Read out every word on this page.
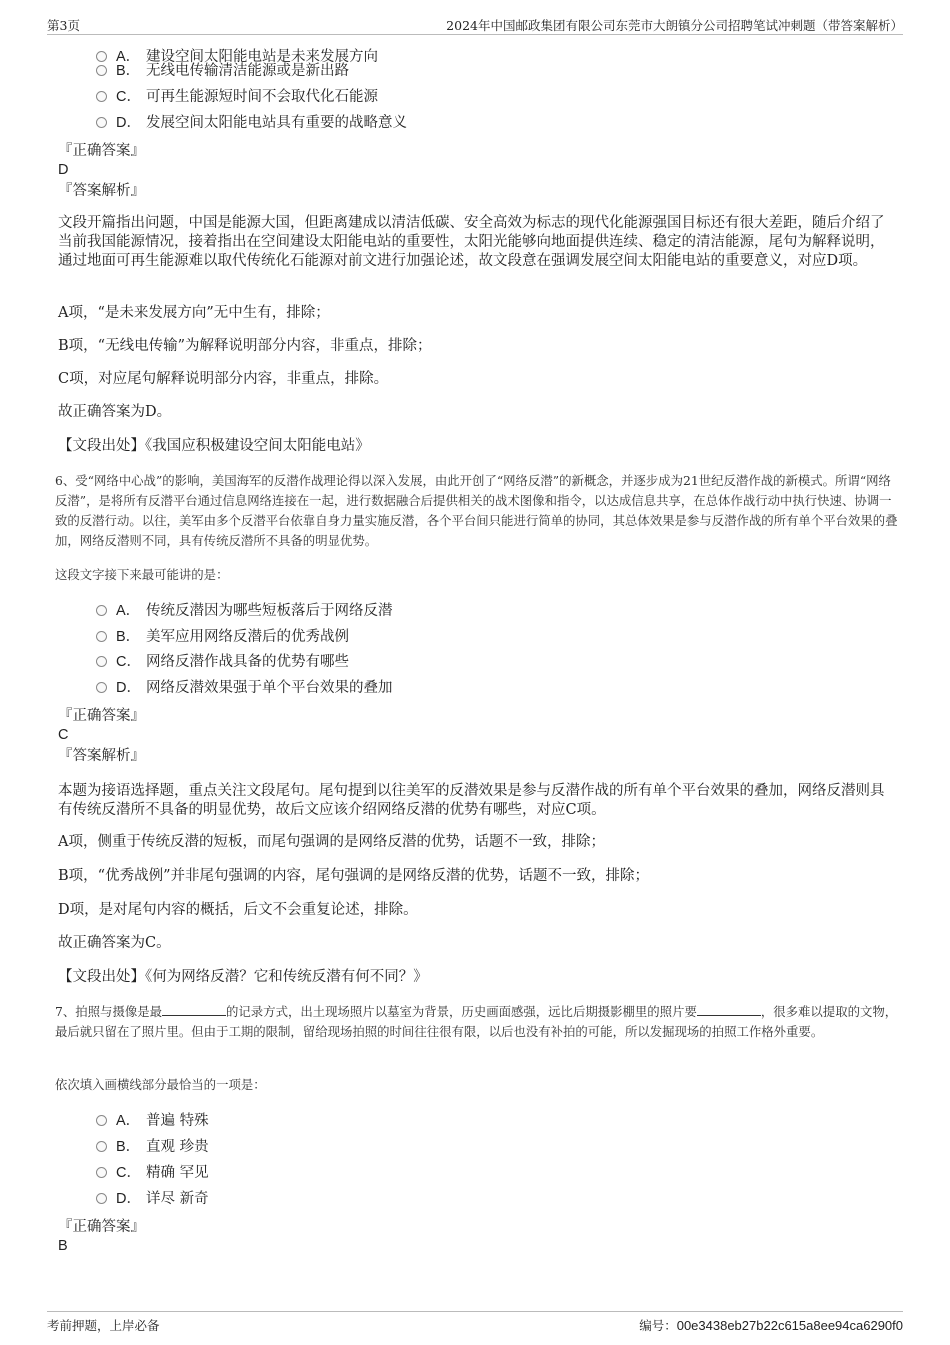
第3页	2024年中国邮政集团有限公司东莞市大朗镇分公司招聘笔试冲刺题（带答案解析）
A． 建设空间太阳能电站是未来发展方向
B． 无线电传输清洁能源或是新出路
C． 可再生能源短时间不会取代化石能源
D． 发展空间太阳能电站具有重要的战略意义
『正确答案』
D
『答案解析』
文段开篇指出问题，中国是能源大国，但距离建成以清洁低碳、安全高效为标志的现代化能源强国目标还有很大差距，随后介绍了当前我国能源情况，接着指出在空间建设太阳能电站的重要性，太阳光能够向地面提供连续、稳定的清洁能源，尾句为解释说明，通过地面可再生能源难以取代传统化石能源对前文进行加强论述，故文段意在强调发展空间太阳能电站的重要意义，对应D项。
A项，“是未来发展方向”无中生有，排除；
B项，“无线电传输”为解释说明部分内容，非重点，排除；
C项，对应尾句解释说明部分内容，非重点，排除。
故正确答案为D。
【文段出处】《我国应积极建设空间太阳能电站》
6、受“网络中心战”的影响，美国海军的反潜作战理论得以深入发展，由此开创了“网络反潜”的新概念，并逐步成为21世纪反潜作战的新模式。所谓“网络反潜”，是将所有反潜平台通过信息网络连接在一起，进行数据融合后提供相关的战术图像和指令，以达成信息共享，在总体作战行动中执行快速、协调一致的反潜行动。以往，美军由多个反潜平台依靠自身力量实施反潜，各个平台间只能进行简单的协同，其总体效果是参与反潜作战的所有单个平台效果的叠加，网络反潜则不同，具有传统反潜所不具备的明显优势。
这段文字接下来最可能讲的是：
A． 传统反潜因为哪些短板落后于网络反潜
B． 美军应用网络反潜后的优秀战例
C． 网络反潜作战具备的优势有哪些
D． 网络反潜效果强于单个平台效果的叠加
『正确答案』
C
『答案解析』
本题为接语选择题，重点关注文段尾句。尾句提到以往美军的反潜效果是参与反潜作战的所有单个平台效果的叠加，网络反潜则具有传统反潜所不具备的明显优势，故后文应该介绍网络反潜的优势有哪些，对应C项。
A项，侧重于传统反潜的短板，而尾句强调的是网络反潜的优势，话题不一致，排除；
B项，“优秀战例”并非尾句强调的内容，尾句强调的是网络反潜的优势，话题不一致，排除；
D项，是对尾句内容的概括，后文不会重复论述，排除。
故正确答案为C。
【文段出处】《何为网络反潜？它和传统反潜有何不同？》
7、拍照与摄像是最	的记录方式，出土现场照片以墓室为背景，历史画面感强，远比后期摄影棚里的照片要	，很多难以提取的文物，最后就只留在了照片里。但由于工期的限制，留给现场拍照的时间往往很有限，以后也没有补拍的可能，所以发掘现场的拍照工作格外重要。
依次填入画横线部分最恰当的一项是：
A． 普遍 特殊
B． 直观 珍贵
C． 精确 罕见
D． 详尽 新奇
『正确答案』
B
考前押题，上岸必备	编号：00e3438eb27b22c615a8ee94ca6290f0
